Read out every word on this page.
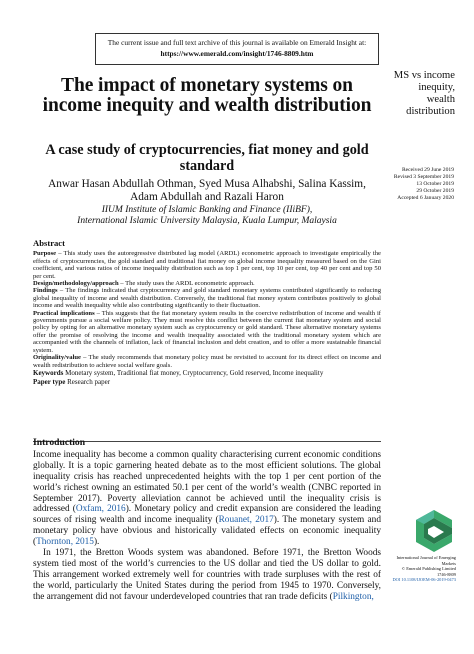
The current issue and full text archive of this journal is available on Emerald Insight at:
https://www.emerald.com/insight/1746-8809.htm
The impact of monetary systems on income inequity and wealth distribution
A case study of cryptocurrencies, fiat money and gold standard
Anwar Hasan Abdullah Othman, Syed Musa Alhabshi, Salina Kassim,
Adam Abdullah and Razali Haron
IIUM Institute of Islamic Banking and Finance (IIiBF),
International Islamic University Malaysia, Kuala Lumpur, Malaysia
MS vs income inequity, wealth distribution
Received 29 June 2019
Revised 3 September 2019
13 October 2019
29 October 2019
Accepted 6 January 2020
Abstract

Purpose – This study uses the autoregressive distributed lag model (ARDL) econometric approach to investigate empirically the effects of cryptocurrencies, the gold standard and traditional fiat money on global income inequality measured based on the Gini coefficient, and various ratios of income inequality distribution such as top 1 per cent, top 10 per cent, top 40 per cent and top 50 per cent.

Design/methodology/approach – The study uses the ARDL econometric approach.

Findings – The findings indicated that cryptocurrency and gold standard monetary systems contributed significantly to reducing global inequality of income and wealth distribution. Conversely, the traditional fiat money system contributes positively to global income and wealth inequality while also contributing significantly to their fluctuation.

Practical implications – This suggests that the fiat monetary system results in the coercive redistribution of income and wealth if governments pursue a social welfare policy. They must resolve this conflict between the current fiat monetary system and social policy by opting for an alternative monetary system such as cryptocurrency or gold standard. These alternative monetary systems offer the promise of resolving the income and wealth inequality associated with the traditional monetary system which are accompanied with the channels of inflation, lack of financial inclusion and debt creation, and to offer a more sustainable financial system.

Originality/value – The study recommends that monetary policy must be revisited to account for its direct effect on income and wealth redistribution to achieve social welfare goals.

Keywords Monetary system, Traditional fiat money, Cryptocurrency, Gold reserved, Income inequality

Paper type Research paper

Introduction

Income inequality has become a common quality characterising current economic conditions globally. It is a topic garnering heated debate as to the most efficient solutions. The global inequality crisis has reached unprecedented heights with the top 1 per cent portion of the world’s richest owning an estimated 50.1 per cent of the world’s wealth (CNBC reported in September 2017). Poverty alleviation cannot be achieved until the inequality crisis is addressed (Oxfam, 2016). Monetary policy and credit expansion are considered the leading sources of rising wealth and income inequality (Rouanet, 2017). The monetary system and monetary policy have obvious and historically validated effects on economic inequality (Thornton, 2015).

In 1971, the Bretton Woods system was abandoned. Before 1971, the Bretton Woods system tied most of the world’s currencies to the US dollar and tied the US dollar to gold. This arrangement worked extremely well for countries with trade surpluses with the rest of the world, particularly the United States during the period from 1945 to 1970. Conversely, the arrangement did not favour underdeveloped countries that ran trade deficits (Pilkington,

International Journal of Emerging Markets
© Emerald Publishing Limited
1746-8809
DOI 10.1108/IJOEM-06-2019-0473
